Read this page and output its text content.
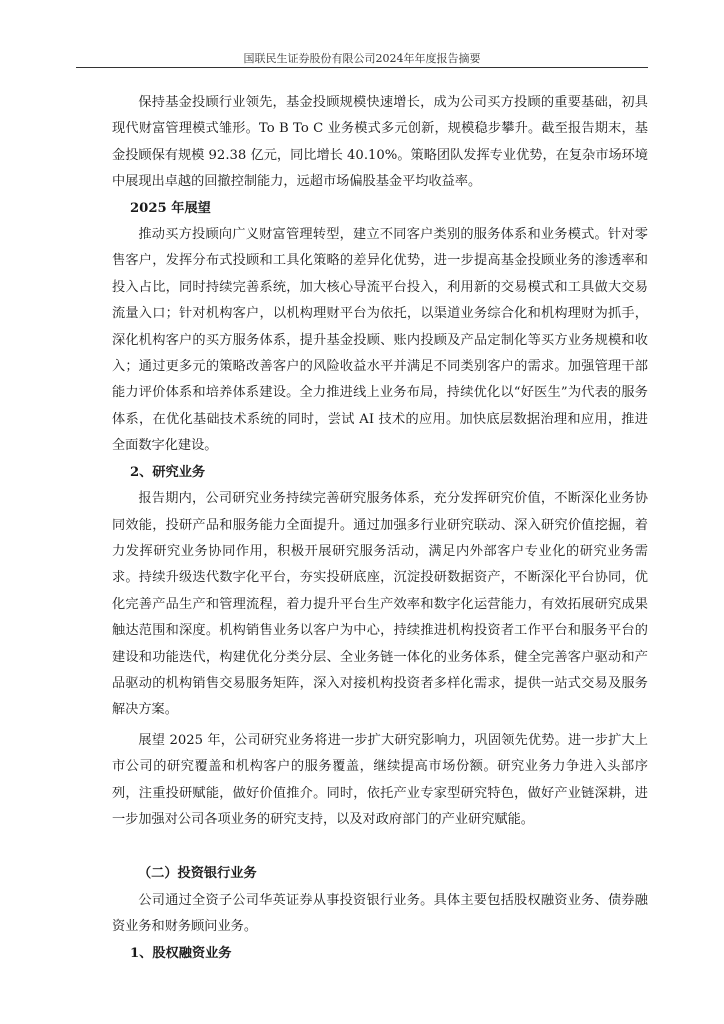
国联民生证券股份有限公司2024年年度报告摘要

保持基金投顾行业领先，基金投顾规模快速增长，成为公司买方投顾的重要基础，初具现代财富管理模式雏形。To B To C 业务模式多元创新，规模稳步攀升。截至报告期末，基金投顾保有规模 92.38 亿元，同比增长 40.10%。策略团队发挥专业优势，在复杂市场环境中展现出卓越的回撤控制能力，远超市场偏股基金平均收益率。

2025 年展望

推动买方投顾向广义财富管理转型，建立不同客户类别的服务体系和业务模式。针对零售客户，发挥分布式投顾和工具化策略的差异化优势，进一步提高基金投顾业务的渗透率和投入占比，同时持续完善系统，加大核心导流平台投入，利用新的交易模式和工具做大交易流量入口；针对机构客户，以机构理财平台为依托，以渠道业务综合化和机构理财为抓手，深化机构客户的买方服务体系，提升基金投顾、账内投顾及产品定制化等买方业务规模和收入；通过更多元的策略改善客户的风险收益水平并满足不同类别客户的需求。加强管理干部能力评价体系和培养体系建设。全力推进线上业务布局，持续优化以“好医生”为代表的服务体系，在优化基础技术系统的同时，尝试 AI 技术的应用。加快底层数据治理和应用，推进全面数字化建设。

2、研究业务

报告期内，公司研究业务持续完善研究服务体系，充分发挥研究价值，不断深化业务协同效能，投研产品和服务能力全面提升。通过加强多行业研究联动、深入研究价值挖掘，着力发挥研究业务协同作用，积极开展研究服务活动，满足内外部客户专业化的研究业务需求。持续升级迭代数字化平台，夯实投研底座，沉淀投研数据资产，不断深化平台协同，优化完善产品生产和管理流程，着力提升平台生产效率和数字化运营能力，有效拓展研究成果触达范围和深度。机构销售业务以客户为中心，持续推进机构投资者工作平台和服务平台的建设和功能迭代，构建优化分类分层、全业务链一体化的业务体系，健全完善客户驱动和产品驱动的机构销售交易服务矩阵，深入对接机构投资者多样化需求，提供一站式交易及服务解决方案。

展望 2025 年，公司研究业务将进一步扩大研究影响力，巩固领先优势。进一步扩大上市公司的研究覆盖和机构客户的服务覆盖，继续提高市场份额。研究业务力争进入头部序列，注重投研赋能，做好价值推介。同时，依托产业专家型研究特色，做好产业链深耕，进一步加强对公司各项业务的研究支持，以及对政府部门的产业研究赋能。

（二）投资银行业务

公司通过全资子公司华英证券从事投资银行业务。具体主要包括股权融资业务、债券融资业务和财务顾问业务。

1、股权融资业务
